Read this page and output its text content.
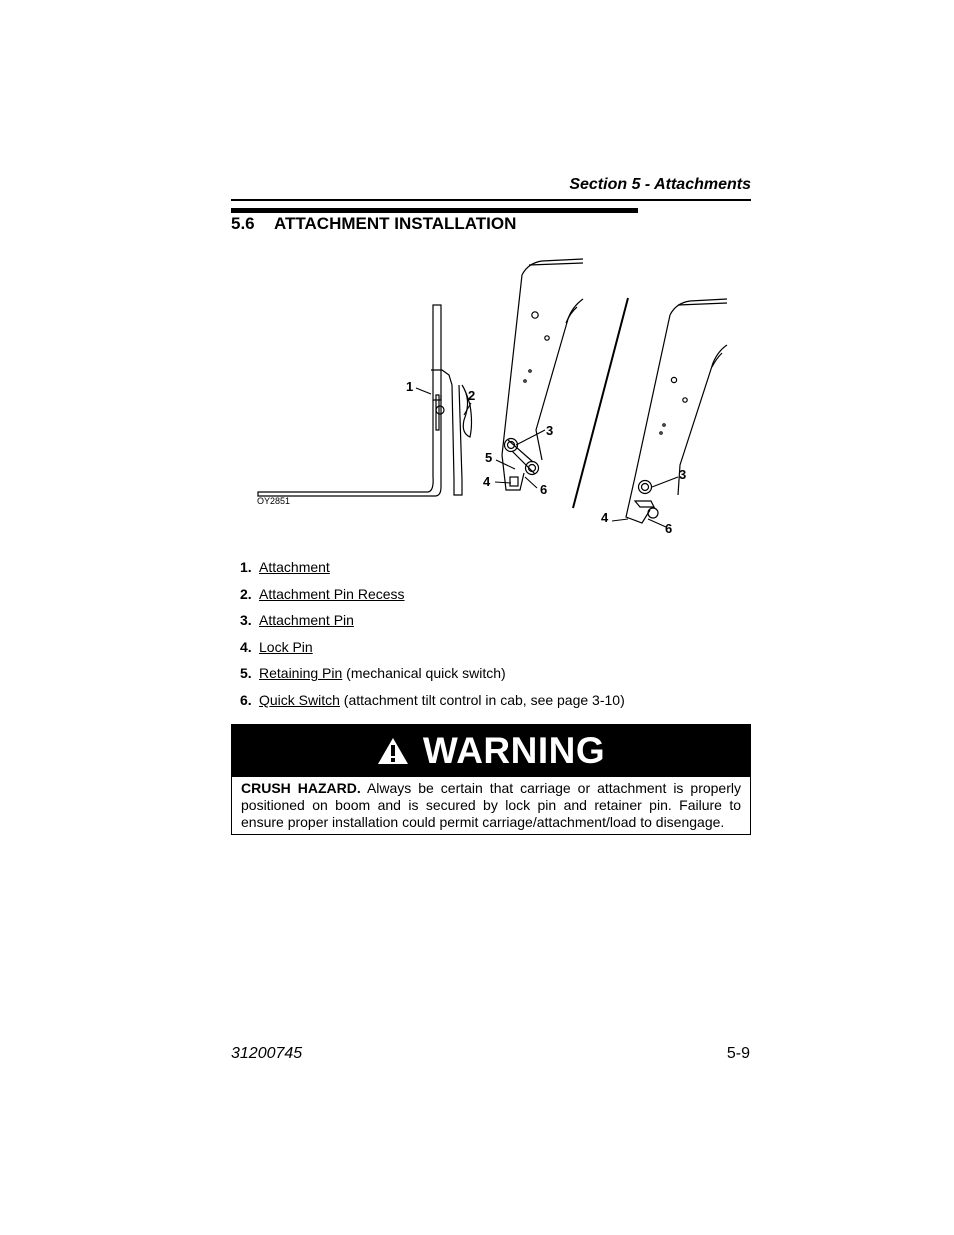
Section 5 - Attachments
5.6 ATTACHMENT INSTALLATION
1
2
3
5
4
6
3
4
6
OY2851
1. Attachment
2. Attachment Pin Recess
3. Attachment Pin
4. Lock Pin
5. Retaining Pin (mechanical quick switch)
6. Quick Switch (attachment tilt control in cab, see page 3-10)
WARNING
CRUSH HAZARD. Always be certain that carriage or attachment is properly positioned on boom and is secured by lock pin and retainer pin. Failure to ensure proper installation could permit carriage/attachment/load to disengage.
31200745	5-9
